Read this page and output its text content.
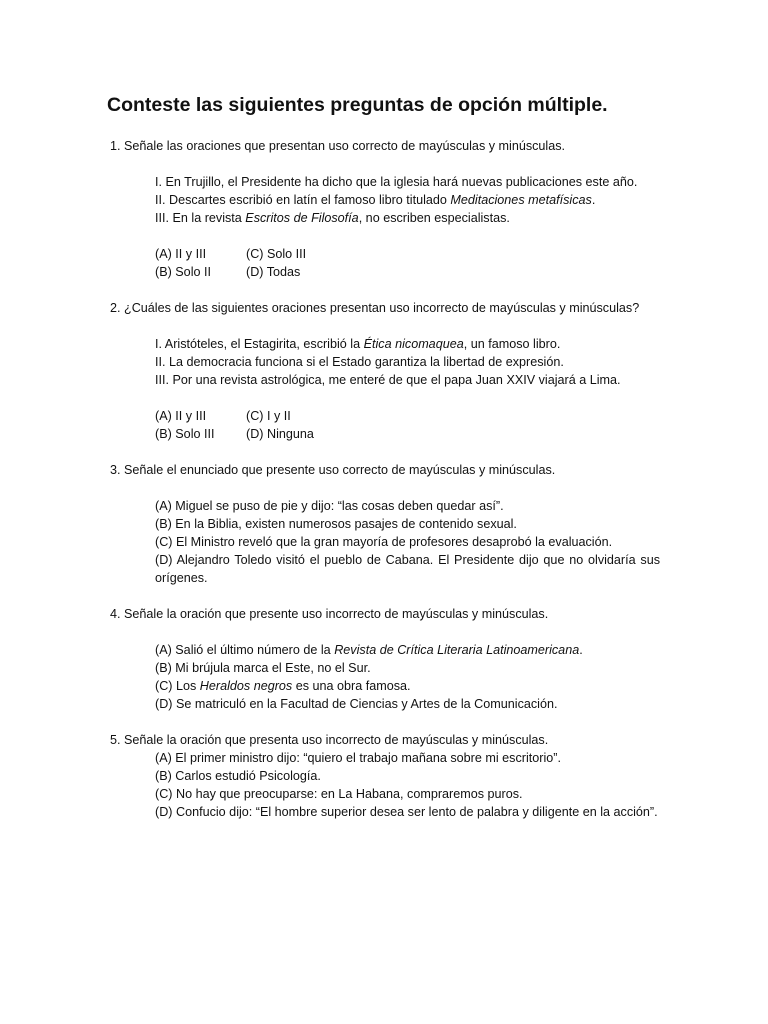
Conteste las siguientes preguntas de opción múltiple.

1. Señale las oraciones que presentan uso correcto de mayúsculas y minúsculas.

I. En Trujillo, el Presidente ha dicho que la iglesia hará nuevas publicaciones este año.

II. Descartes escribió en latín el famoso libro titulado Meditaciones metafísicas.

III. En la revista Escritos de Filosofía, no escriben especialistas.

(A) II y III	(C) Solo III
(B) Solo II	(D) Todas

2. ¿Cuáles de las siguientes oraciones presentan uso incorrecto de mayúsculas y minúsculas?

I. Aristóteles, el Estagirita, escribió la Ética nicomaquea, un famoso libro.

II. La democracia funciona si el Estado garantiza la libertad de expresión.

III. Por una revista astrológica, me enteré de que el papa Juan XXIV viajará a Lima.

(A) II y III	(C) I y II
(B) Solo III	(D) Ninguna

3. Señale el enunciado que presente uso correcto de mayúsculas y minúsculas.

(A) Miguel se puso de pie y dijo: “las cosas deben quedar así”.

(B) En la Biblia, existen numerosos pasajes de contenido sexual.

(C) El Ministro reveló que la gran mayoría de profesores desaprobó la evaluación.

(D) Alejandro Toledo visitó el pueblo de Cabana. El Presidente dijo que no olvidaría sus orígenes.

4. Señale la oración que presente uso incorrecto de mayúsculas y minúsculas.

(A) Salió el último número de la Revista de Crítica Literaria Latinoamericana.

(B) Mi brújula marca el Este, no el Sur.

(C) Los Heraldos negros es una obra famosa.

(D) Se matriculó en la Facultad de Ciencias y Artes de la Comunicación.

5. Señale la oración que presenta uso incorrecto de mayúsculas y minúsculas.

(A) El primer ministro dijo: “quiero el trabajo mañana sobre mi escritorio”.

(B) Carlos estudió Psicología.

(C) No hay que preocuparse: en La Habana, compraremos puros.

(D) Confucio dijo: “El hombre superior desea ser lento de palabra y diligente en la acción”.
